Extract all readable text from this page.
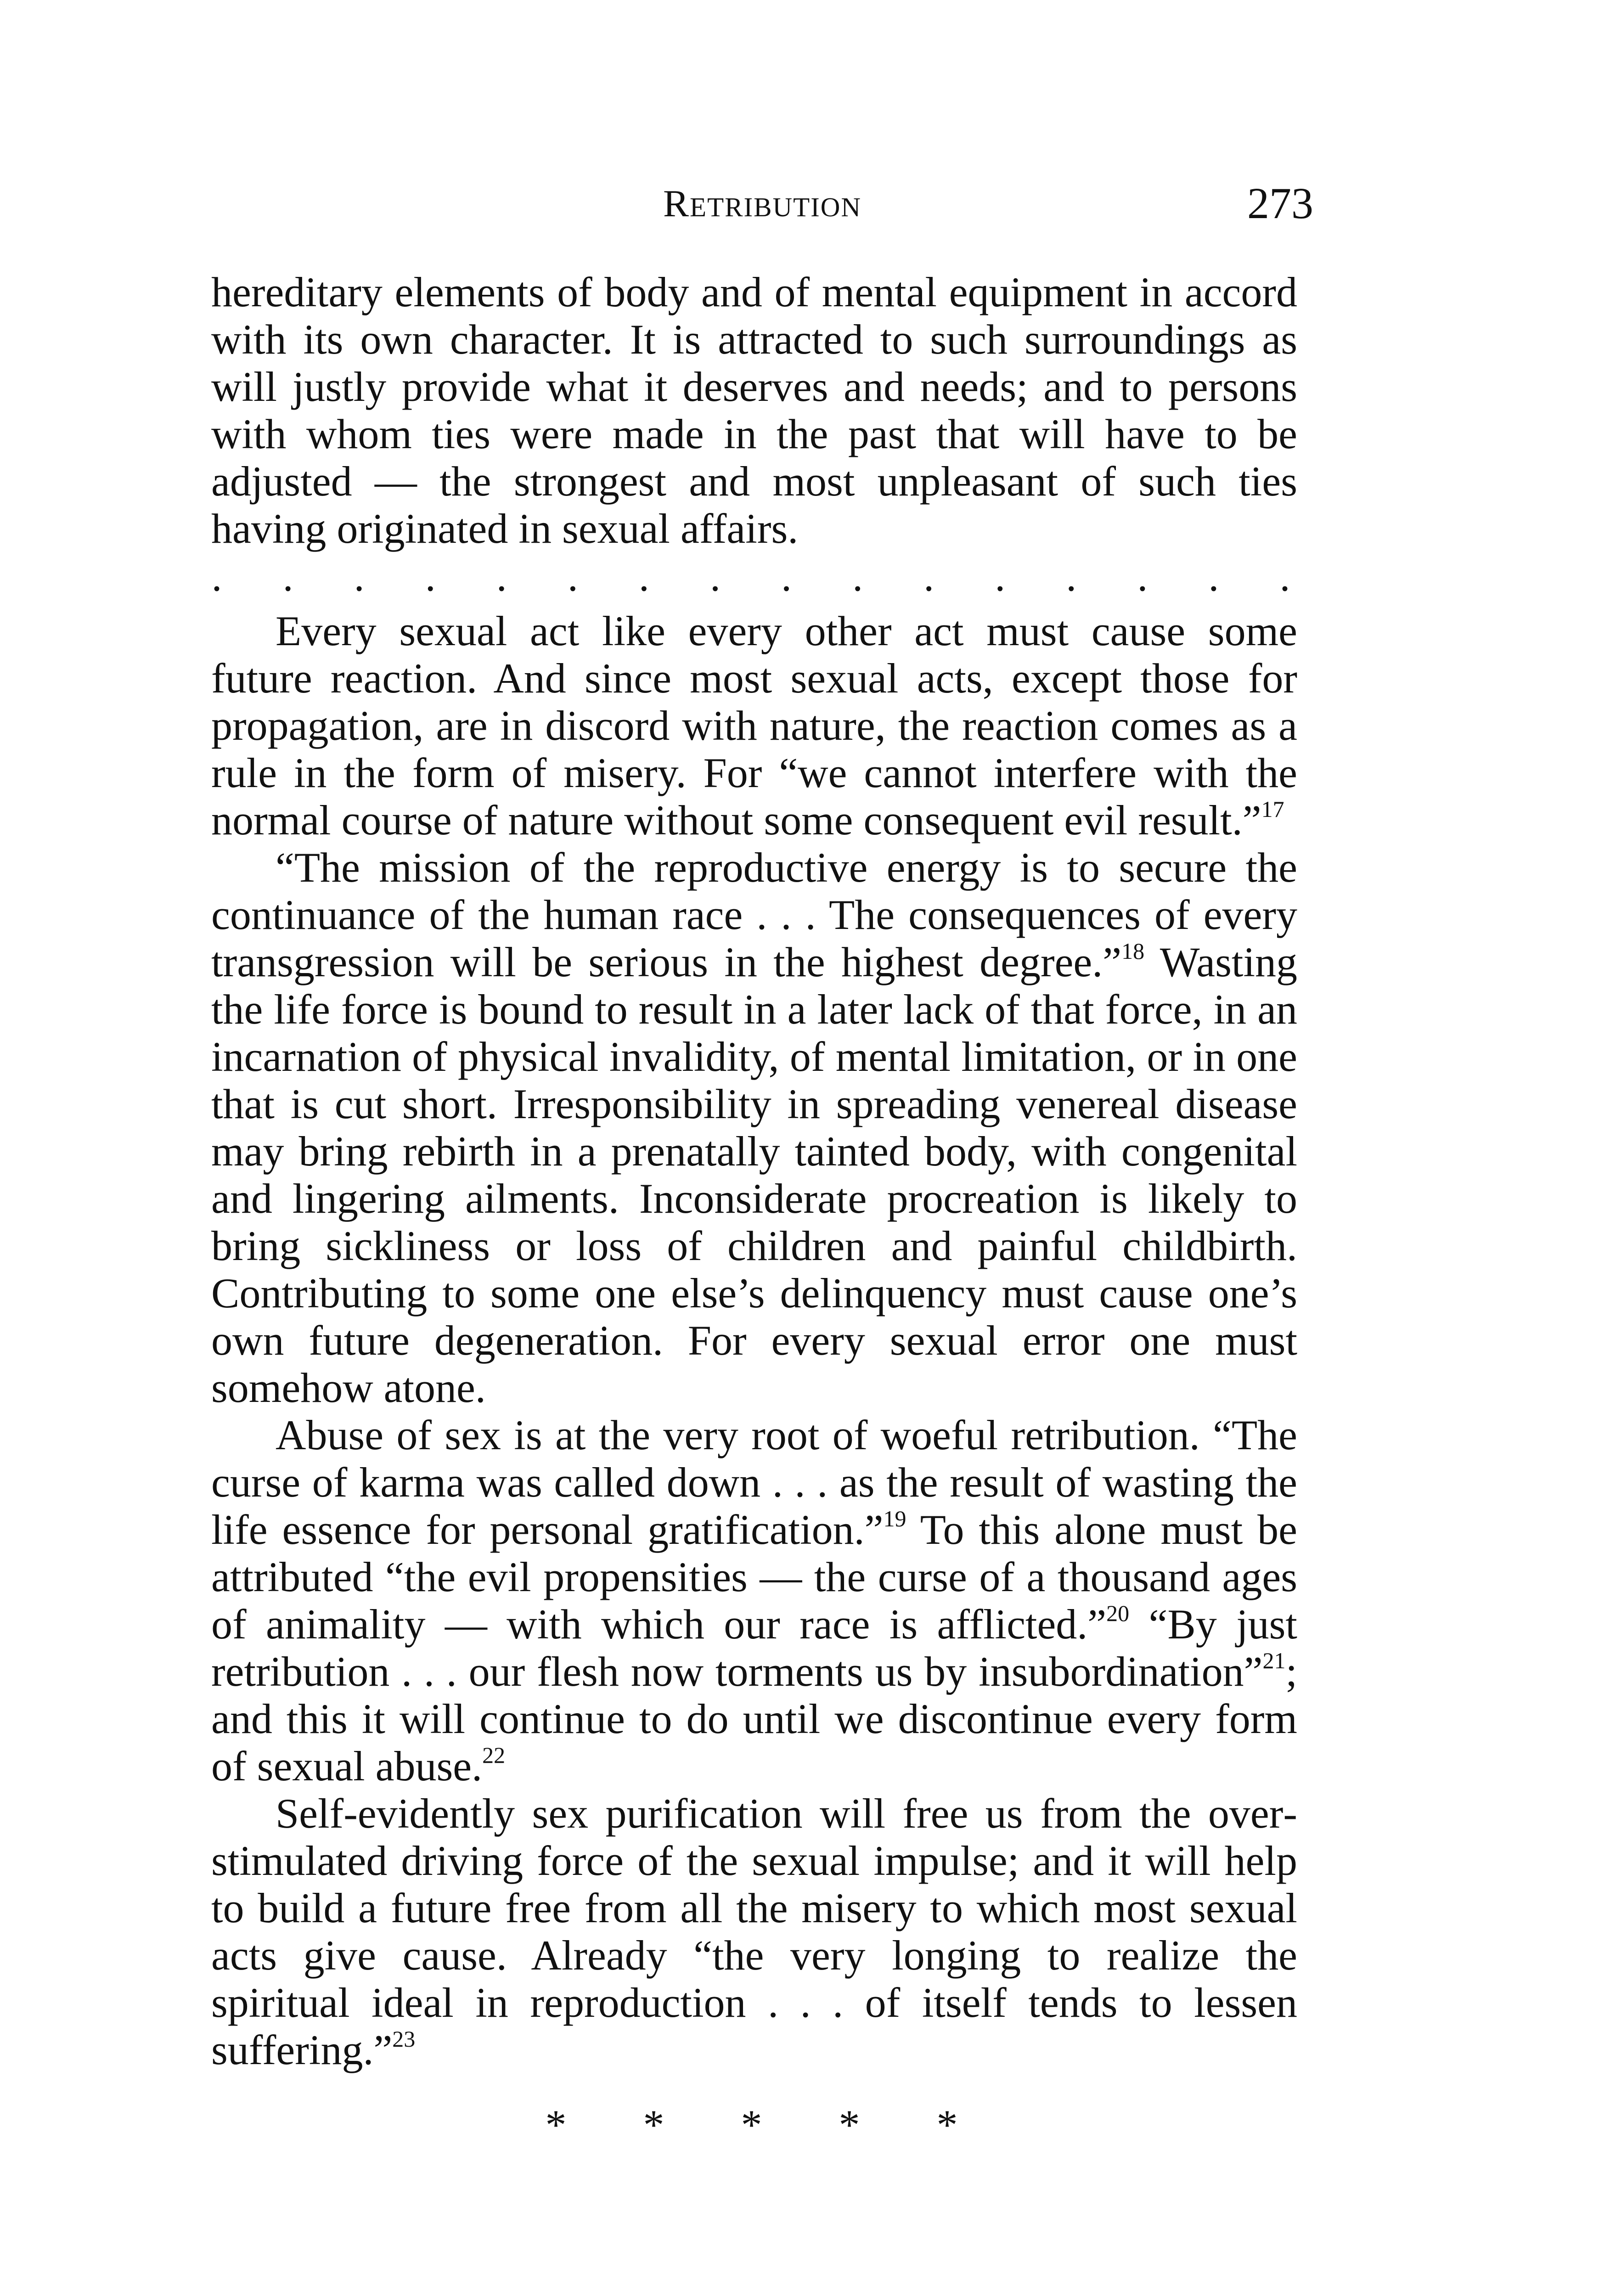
Retribution	273

hereditary elements of body and of mental equipment in accord with its own character. It is attracted to such surroundings as will justly provide what it deserves and needs; and to persons with whom ties were made in the past that will have to be adjusted — the strongest and most unpleasant of such ties having originated in sexual affairs.

. . . . . . . . . . . . . . . .

Every sexual act like every other act must cause some future reaction. And since most sexual acts, except those for propagation, are in discord with nature, the reaction comes as a rule in the form of misery. For “we cannot interfere with the normal course of nature without some consequent evil result.”$^{17}$

“The mission of the reproductive energy is to secure the continuance of the human race . . . The consequences of every transgression will be serious in the highest degree.”$^{18}$ Wasting the life force is bound to result in a later lack of that force, in an incarnation of physical invalidity, of mental limitation, or in one that is cut short. Irresponsibility in spreading venereal disease may bring rebirth in a prenatally tainted body, with congenital and lingering ailments. Inconsiderate procreation is likely to bring sickliness or loss of children and painful childbirth. Contributing to some one else’s delinquency must cause one’s own future degeneration. For every sexual error one must somehow atone.

Abuse of sex is at the very root of woeful retribution. “The curse of karma was called down . . . as the result of wasting the life essence for personal gratification.”$^{19}$ To this alone must be attributed “the evil propensities — the curse of a thousand ages of animality — with which our race is afflicted.”$^{20}$ “By just retribution . . . our flesh now torments us by insubordination”$^{21}$; and this it will continue to do until we discontinue every form of sexual abuse.$^{22}$

Self-evidently sex purification will free us from the overstimulated driving force of the sexual impulse; and it will help to build a future free from all the misery to which most sexual acts give cause. Already “the very longing to realize the spiritual ideal in reproduction . . . of itself tends to lessen suffering.”$^{23}$

* * * * *
